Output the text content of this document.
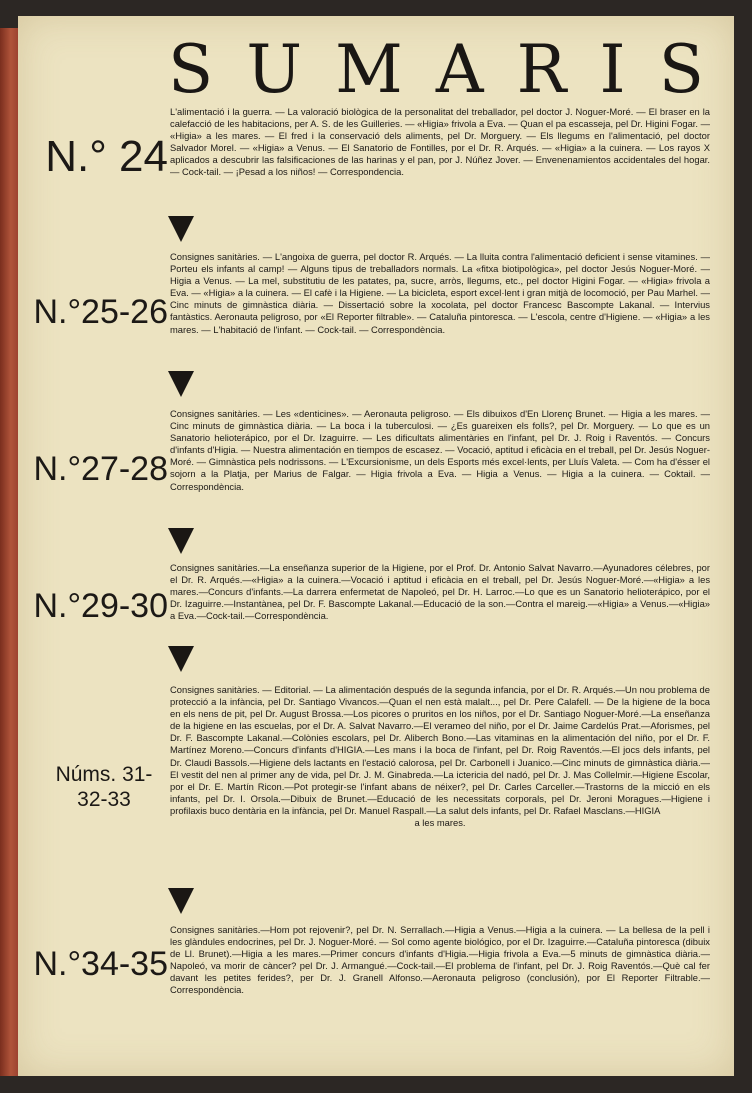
S U M A R I S
N.° 24
L'alimentació i la guerra. — La valoració biològica de la personalitat del treballador, pel doctor J. Noguer-Moré. — El braser en la calefacció de les habitacions, per A. S. de les Guilleries. — «Higia» frivola a Eva. — Quan el pa escasseja, pel Dr. Higini Fogar. — «Higia» a les mares. — El fred i la conservació dels aliments, pel Dr. Morguery. — Els llegums en l'alimentació, pel doctor Salvador Morel. — «Higia» a Venus. — El Sanatorio de Fontilles, por el Dr. R. Arqués. — «Higia» a la cuinera. — Los rayos X aplicados a descubrir las falsificaciones de las harinas y el pan, por J. Núñez Jover. — Envenenamientos accidentales del hogar. — Cock-tail. — ¡Pesad a los niños! — Correspondencia.
N.°25-26
Consignes sanitàries. — L'angoixa de guerra, pel doctor R. Arqués. — La lluita contra l'alimentació deficient i sense vitamines. — Porteu els infants al camp! — Alguns tipus de treballadors normals. La «fitxa biotipològica», pel doctor Jesús Noguer-Moré. — Higia a Venus. — La mel, substitutiu de les patates, pa, sucre, arròs, llegums, etc., pel doctor Higini Fogar. — «Higia» frivola a Eva. — «Higia» a la cuinera. — El cafè i la Higiene. — La bicicleta, esport excel·lent i gran mitjà de locomoció, per Pau Marhel. — Cinc minuts de gimnàstica diària. — Dissertació sobre la xocolata, pel doctor Francesc Bascompte Lakanal. — Intervius fantàstics. Aeronauta peligroso, por «El Reporter filtrable». — Cataluña pintoresca. — L'escola, centre d'Higiene. — «Higia» a les mares. — L'habitació de l'infant. — Cock-tail. — Correspondència.
N.°27-28
Consignes sanitàries. — Les «denticines». — Aeronauta peligroso. — Els dibuixos d'En Llorenç Brunet. — Higia a les mares. — Cinc minuts de gimnàstica diària. — La boca i la tuberculosi. — ¿Es guareixen els folls?, pel Dr. Morguery. — Lo que es un Sanatorio helioterápico, por el Dr. Izaguirre. — Les dificultats alimentàries en l'infant, pel Dr. J. Roig i Raventós. — Concurs d'infants d'Higia. — Nuestra alimentación en tiempos de escasez. — Vocació, aptitud i eficàcia en el treball, pel Dr. Jesús Noguer-Moré. — Gimnàstica pels nodrissons. — L'Excursionisme, un dels Esports més excel·lents, per Lluís Valeta. — Com ha d'ésser el sojorn a la Platja, per Marius de Falgar. — Higia frivola a Eva. — Higia a Venus. — Higia a la cuinera. — Coktail. — Correspondència.
N.°29-30
Consignes sanitàries.—La enseñanza superior de la Higiene, por el Prof. Dr. Antonio Salvat Navarro.—Ayunadores célebres, por el Dr. R. Arqués.—«Higia» a la cuinera.—Vocació i aptitud i eficàcia en el treball, pel Dr. Jesús Noguer-Moré.—«Higia» a les mares.—Concurs d'infants.—La darrera enfermetat de Napoleó, pel Dr. H. Larroc.—Lo que es un Sanatorio helioterápico, por el Dr. Izaguirre.—Instantànea, pel Dr. F. Bascompte Lakanal.—Educació de la son.—Contra el mareig.—«Higia» a Venus.—«Higia» a Eva.—Cock-tail.—Correspondència.
Núms. 31-32-33
Consignes sanitàries. — Editorial. — La alimentación después de la segunda infancia, por el Dr. R. Arqués.—Un nou problema de protecció a la infància, pel Dr. Santiago Vivancos.—Quan el nen està malalt..., pel Dr. Pere Calafell. — De la higiene de la boca en els nens de pit, pel Dr. August Brossa.—Los picores o pruritos en los niños, por el Dr. Santiago Noguer-Moré.—La enseñanza de la higiene en las escuelas, por el Dr. A. Salvat Navarro.—El verameo del niño, por el Dr. Jaime Cardelús Prat.—Aforismes, pel Dr. F. Bascompte Lakanal.—Colònies escolars, pel Dr. Aliberch Bono.—Las vitaminas en la alimentación del niño, por el Dr. F. Martínez Moreno.—Concurs d'infants d'HIGIA.—Les mans i la boca de l'infant, pel Dr. Roig Raventós.—El jocs dels infants, pel Dr. Claudi Bassols.—Higiene dels lactants en l'estació calorosa, pel Dr. Carbonell i Juanico.—Cinc minuts de gimnàstica diària.—El vestit del nen al primer any de vida, pel Dr. J. M. Ginabreda.—La ictericia del nadó, pel Dr. J. Mas Collelmir.—Higiene Escolar, por el Dr. E. Martín Ricon.—Pot protegir-se l'infant abans de néixer?, pel Dr. Carles Carceller.—Trastorns de la micció en els infants, pel Dr. I. Orsola.—Dibuix de Brunet.—Educació de les necessitats corporals, pel Dr. Jeroni Moragues.—Higiene i profilaxis buco dentària en la infància, pel Dr. Manuel Raspall.—La salut dels infants, pel Dr. Rafael Masclans.—HIGIA
a les mares.
N.°34-35
Consignes sanitàries.—Hom pot rejovenir?, pel Dr. N. Serrallach.—Higia a Venus.—Higia a la cuinera. — La bellesa de la pell i les glàndules endocrines, pel Dr. J. Noguer-Moré. — Sol como agente biológico, por el Dr. Izaguirre.—Cataluña pintoresca (dibuix de Ll. Brunet).—Higia a les mares.—Primer concurs d'infants d'Higia.—Higia frivola a Eva.—5 minuts de gimnàstica diària.—Napoleó, va morir de càncer? pel Dr. J. Armangué.—Cock-tail.—El problema de l'infant, pel Dr. J. Roig Raventós.—Què cal fer davant les petites ferides?, per Dr. J. Granell Alfonso.—Aeronauta peligroso (conclusión), por El Reporter Filtrable.—Correspondència.
